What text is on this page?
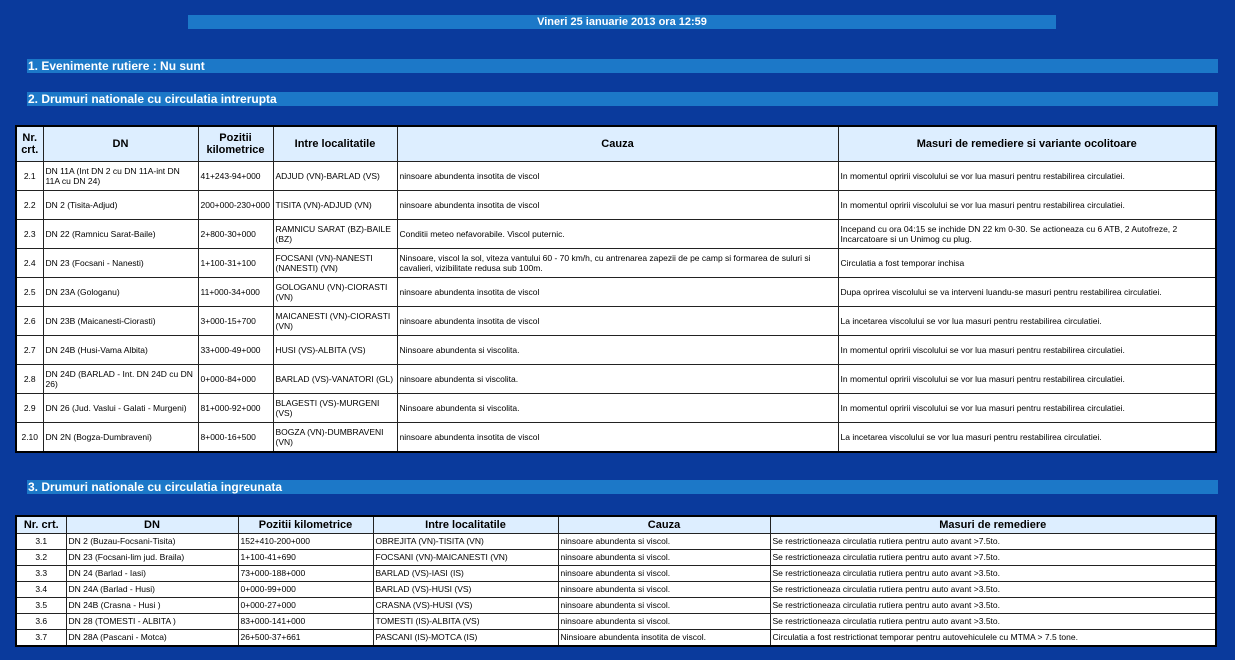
Vineri 25 ianuarie 2013 ora 12:59
1. Evenimente rutiere : Nu sunt
2. Drumuri nationale cu circulatia intrerupta
Nr. crt.	DN	Pozitii kilometrice	Intre localitatile	Cauza	Masuri de remediere si variante ocolitoare
2.1	DN 11A (Int DN 2 cu DN 11A-int DN 11A cu DN 24)	41+243-94+000	ADJUD (VN)-BARLAD (VS)	ninsoare abundenta insotita de viscol	In momentul opririi viscolului se vor lua masuri pentru restabilirea circulatiei.
2.2	DN 2 (Tisita-Adjud)	200+000-230+000	TISITA (VN)-ADJUD (VN)	ninsoare abundenta insotita de viscol	In momentul opririi viscolului se vor lua masuri pentru restabilirea circulatiei.
2.3	DN 22 (Ramnicu Sarat-Baile)	2+800-30+000	RAMNICU SARAT (BZ)-BAILE (BZ)	Conditii meteo nefavorabile. Viscol puternic.	Incepand cu ora 04:15 se inchide DN 22 km 0-30. Se actioneaza cu 6 ATB, 2 Autofreze, 2 Incarcatoare si un Unimog cu plug.
2.4	DN 23 (Focsani - Nanesti)	1+100-31+100	FOCSANI (VN)-NANESTI (NANESTI) (VN)	Ninsoare, viscol la sol, viteza vantului 60 - 70 km/h, cu antrenarea zapezii de pe camp si formarea de suluri si cavalieri, vizibilitate redusa sub 100m.	Circulatia a fost temporar inchisa
2.5	DN 23A (Gologanu)	11+000-34+000	GOLOGANU (VN)-CIORASTI (VN)	ninsoare abundenta insotita de viscol	Dupa oprirea viscolului se va interveni luandu-se masuri pentru restabilirea circulatiei.
2.6	DN 23B (Maicanesti-Ciorasti)	3+000-15+700	MAICANESTI (VN)-CIORASTI (VN)	ninsoare abundenta insotita de viscol	La incetarea viscolului se vor lua masuri pentru restabilirea circulatiei.
2.7	DN 24B (Husi-Vama Albita)	33+000-49+000	HUSI (VS)-ALBITA (VS)	Ninsoare abundenta si viscolita.	In momentul opririi viscolului se vor lua masuri pentru restabilirea circulatiei.
2.8	DN 24D (BARLAD - Int. DN 24D cu DN 26)	0+000-84+000	BARLAD (VS)-VANATORI (GL)	ninsoare abundenta si viscolita.	In momentul opririi viscolului se vor lua masuri pentru restabilirea circulatiei.
2.9	DN 26 (Jud. Vaslui - Galati - Murgeni)	81+000-92+000	BLAGESTI (VS)-MURGENI (VS)	Ninsoare abundenta si viscolita.	In momentul opririi viscolului se vor lua masuri pentru restabilirea circulatiei.
2.10	DN 2N (Bogza-Dumbraveni)	8+000-16+500	BOGZA (VN)-DUMBRAVENI (VN)	ninsoare abundenta insotita de viscol	La incetarea viscolului se vor lua masuri pentru restabilirea circulatiei.
3. Drumuri nationale cu circulatia ingreunata
Nr. crt.	DN	Pozitii kilometrice	Intre localitatile	Cauza	Masuri de remediere
3.1	DN 2 (Buzau-Focsani-Tisita)	152+410-200+000	OBREJITA (VN)-TISITA (VN)	ninsoare abundenta si viscol.	Se restrictioneaza circulatia rutiera pentru auto avant >7.5to.
3.2	DN 23 (Focsani-lim jud. Braila)	1+100-41+690	FOCSANI (VN)-MAICANESTI (VN)	ninsoare abundenta si viscol.	Se restrictioneaza circulatia rutiera pentru auto avant >7.5to.
3.3	DN 24 (Barlad - Iasi)	73+000-188+000	BARLAD (VS)-IASI (IS)	ninsoare abundenta si viscol.	Se restrictioneaza circulatia rutiera pentru auto avant >3.5to.
3.4	DN 24A (Barlad - Husi)	0+000-99+000	BARLAD (VS)-HUSI (VS)	ninsoare abundenta si viscol.	Se restrictioneaza circulatia rutiera pentru auto avant >3.5to.
3.5	DN 24B (Crasna - Husi )	0+000-27+000	CRASNA (VS)-HUSI (VS)	ninsoare abundenta si viscol.	Se restrictioneaza circulatia rutiera pentru auto avant >3.5to.
3.6	DN 28 (TOMESTI - ALBITA )	83+000-141+000	TOMESTI (IS)-ALBITA (VS)	ninsoare abundenta si viscol.	Se restrictioneaza circulatia rutiera pentru auto avant >3.5to.
3.7	DN 28A (Pascani - Motca)	26+500-37+661	PASCANI (IS)-MOTCA (IS)	Ninsioare abundenta insotita de viscol.	Circulatia a fost restrictionat temporar pentru autovehiculele cu MTMA > 7.5 tone.
